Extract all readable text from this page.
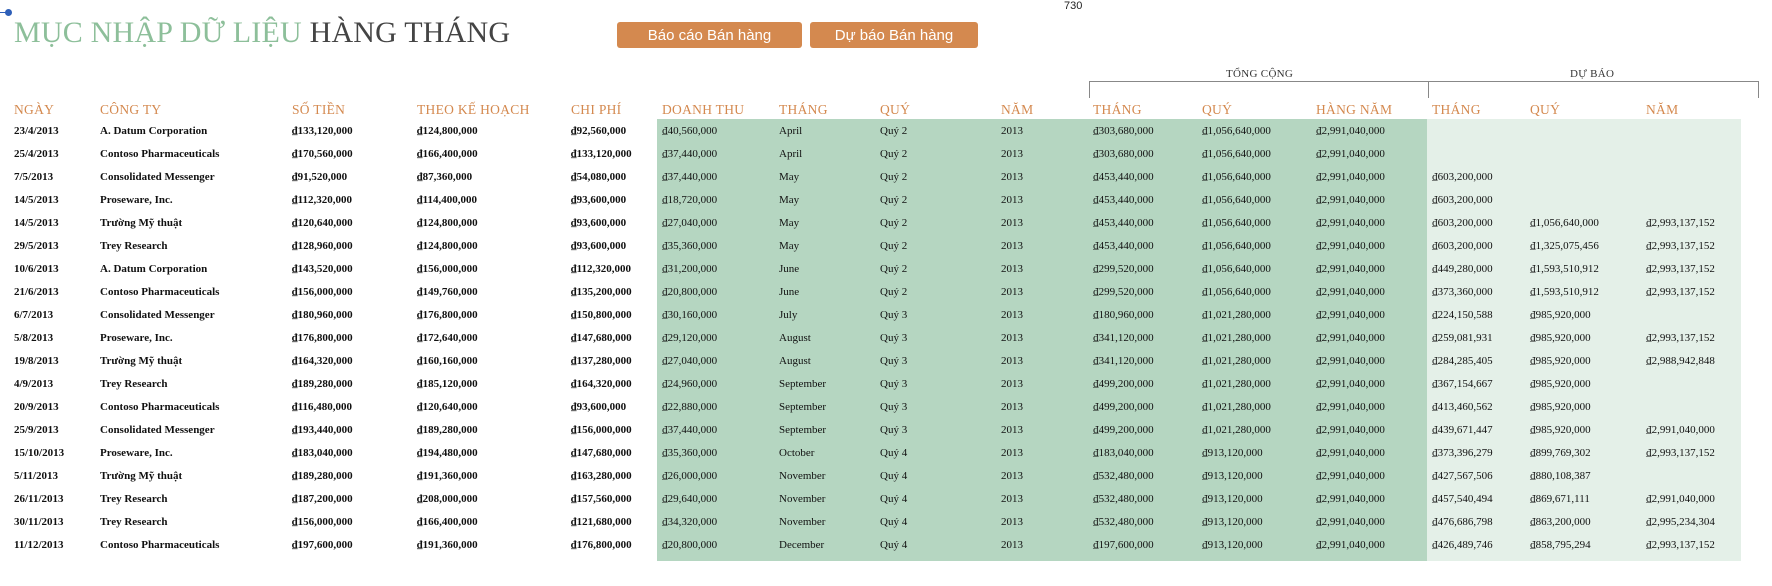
730
MỤC NHẬP DỮ LIỆU HÀNG THÁNG	Báo cáo Bán hàng	Dự báo Bán hàng
TỔNG CỘNG	DỰ BÁO
NGÀY	CÔNG TY	SỐ TIỀN	THEO KẾ HOẠCH	CHI PHÍ	DOANH THU	THÁNG	QUÝ	NĂM	THÁNG	QUÝ	HÀNG NĂM	THÁNG	QUÝ	NĂM
23/4/2013	A. Datum Corporation	₫133,120,000	₫124,800,000	₫92,560,000	₫40,560,000	April	Quý 2	2013	₫303,680,000	₫1,056,640,000	₫2,991,040,000
25/4/2013	Contoso Pharmaceuticals	₫170,560,000	₫166,400,000	₫133,120,000	₫37,440,000	April	Quý 2	2013	₫303,680,000	₫1,056,640,000	₫2,991,040,000
7/5/2013	Consolidated Messenger	₫91,520,000	₫87,360,000	₫54,080,000	₫37,440,000	May	Quý 2	2013	₫453,440,000	₫1,056,640,000	₫2,991,040,000	₫603,200,000
14/5/2013	Proseware, Inc.	₫112,320,000	₫114,400,000	₫93,600,000	₫18,720,000	May	Quý 2	2013	₫453,440,000	₫1,056,640,000	₫2,991,040,000	₫603,200,000
14/5/2013	Trường Mỹ thuật	₫120,640,000	₫124,800,000	₫93,600,000	₫27,040,000	May	Quý 2	2013	₫453,440,000	₫1,056,640,000	₫2,991,040,000	₫603,200,000	₫1,056,640,000	₫2,993,137,152
29/5/2013	Trey Research	₫128,960,000	₫124,800,000	₫93,600,000	₫35,360,000	May	Quý 2	2013	₫453,440,000	₫1,056,640,000	₫2,991,040,000	₫603,200,000	₫1,325,075,456	₫2,993,137,152
10/6/2013	A. Datum Corporation	₫143,520,000	₫156,000,000	₫112,320,000	₫31,200,000	June	Quý 2	2013	₫299,520,000	₫1,056,640,000	₫2,991,040,000	₫449,280,000	₫1,593,510,912	₫2,993,137,152
21/6/2013	Contoso Pharmaceuticals	₫156,000,000	₫149,760,000	₫135,200,000	₫20,800,000	June	Quý 2	2013	₫299,520,000	₫1,056,640,000	₫2,991,040,000	₫373,360,000	₫1,593,510,912	₫2,993,137,152
6/7/2013	Consolidated Messenger	₫180,960,000	₫176,800,000	₫150,800,000	₫30,160,000	July	Quý 3	2013	₫180,960,000	₫1,021,280,000	₫2,991,040,000	₫224,150,588	₫985,920,000
5/8/2013	Proseware, Inc.	₫176,800,000	₫172,640,000	₫147,680,000	₫29,120,000	August	Quý 3	2013	₫341,120,000	₫1,021,280,000	₫2,991,040,000	₫259,081,931	₫985,920,000	₫2,993,137,152
19/8/2013	Trường Mỹ thuật	₫164,320,000	₫160,160,000	₫137,280,000	₫27,040,000	August	Quý 3	2013	₫341,120,000	₫1,021,280,000	₫2,991,040,000	₫284,285,405	₫985,920,000	₫2,988,942,848
4/9/2013	Trey Research	₫189,280,000	₫185,120,000	₫164,320,000	₫24,960,000	September	Quý 3	2013	₫499,200,000	₫1,021,280,000	₫2,991,040,000	₫367,154,667	₫985,920,000
20/9/2013	Contoso Pharmaceuticals	₫116,480,000	₫120,640,000	₫93,600,000	₫22,880,000	September	Quý 3	2013	₫499,200,000	₫1,021,280,000	₫2,991,040,000	₫413,460,562	₫985,920,000
25/9/2013	Consolidated Messenger	₫193,440,000	₫189,280,000	₫156,000,000	₫37,440,000	September	Quý 3	2013	₫499,200,000	₫1,021,280,000	₫2,991,040,000	₫439,671,447	₫985,920,000	₫2,991,040,000
15/10/2013	Proseware, Inc.	₫183,040,000	₫194,480,000	₫147,680,000	₫35,360,000	October	Quý 4	2013	₫183,040,000	₫913,120,000	₫2,991,040,000	₫373,396,279	₫899,769,302	₫2,993,137,152
5/11/2013	Trường Mỹ thuật	₫189,280,000	₫191,360,000	₫163,280,000	₫26,000,000	November	Quý 4	2013	₫532,480,000	₫913,120,000	₫2,991,040,000	₫427,567,506	₫880,108,387
26/11/2013	Trey Research	₫187,200,000	₫208,000,000	₫157,560,000	₫29,640,000	November	Quý 4	2013	₫532,480,000	₫913,120,000	₫2,991,040,000	₫457,540,494	₫869,671,111	₫2,991,040,000
30/11/2013	Trey Research	₫156,000,000	₫166,400,000	₫121,680,000	₫34,320,000	November	Quý 4	2013	₫532,480,000	₫913,120,000	₫2,991,040,000	₫476,686,798	₫863,200,000	₫2,995,234,304
11/12/2013	Contoso Pharmaceuticals	₫197,600,000	₫191,360,000	₫176,800,000	₫20,800,000	December	Quý 4	2013	₫197,600,000	₫913,120,000	₫2,991,040,000	₫426,489,746	₫858,795,294	₫2,993,137,152
